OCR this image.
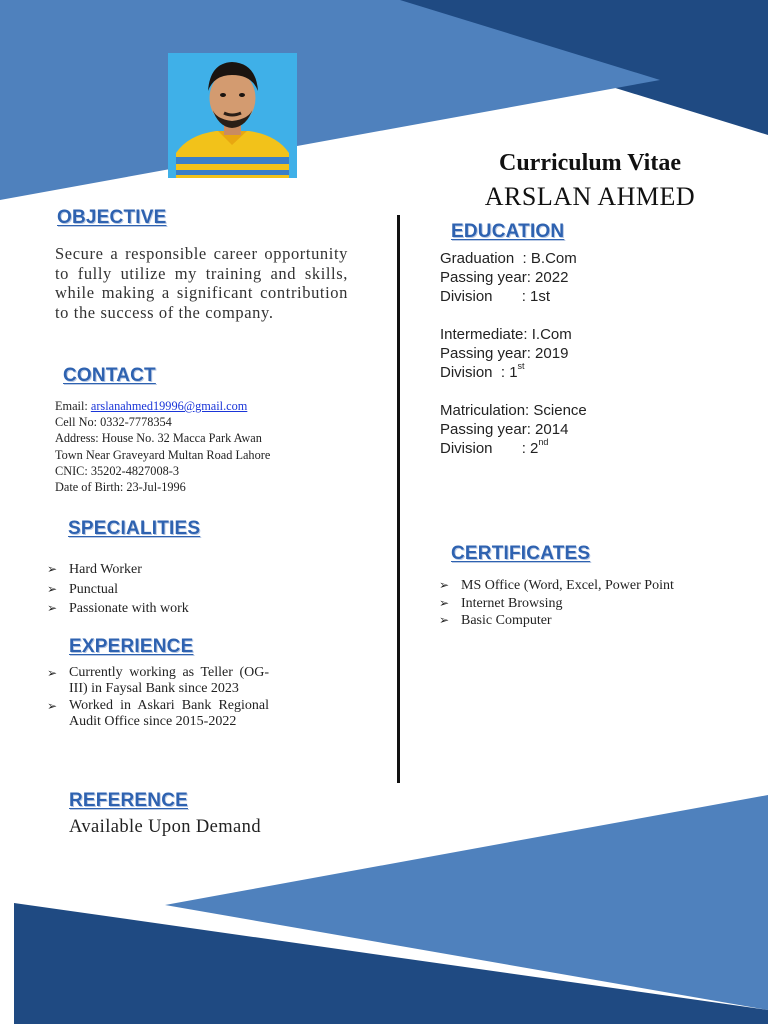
Curriculum Vitae
ARSLAN AHMED
OBJECTIVE
Secure a responsible career opportunity to fully utilize my training and skills, while making a significant contribution to the success of the company.
CONTACT
Email: arslanahmed19996@gmail.com
Cell No: 0332-7778354
Address: House No. 32 Macca Park Awan
Town Near Graveyard Multan Road Lahore
CNIC: 35202-4827008-3
Date of Birth: 23-Jul-1996
SPECIALITIES
➢ Hard Worker
➢ Punctual
➢ Passionate with work
EXPERIENCE
➢ Currently working as Teller (OG-III) in Faysal Bank since 2023
➢ Worked in Askari Bank Regional Audit Office since 2015-2022
REFERENCE
Available Upon Demand
EDUCATION
Graduation  : B.Com
Passing year: 2022
Division       : 1st
Intermediate: I.Com
Passing year: 2019
Division  : 1st
Matriculation: Science
Passing year: 2014
Division       : 2nd
CERTIFICATES
➢ MS Office (Word, Excel, Power Point
➢ Internet Browsing
➢ Basic Computer
